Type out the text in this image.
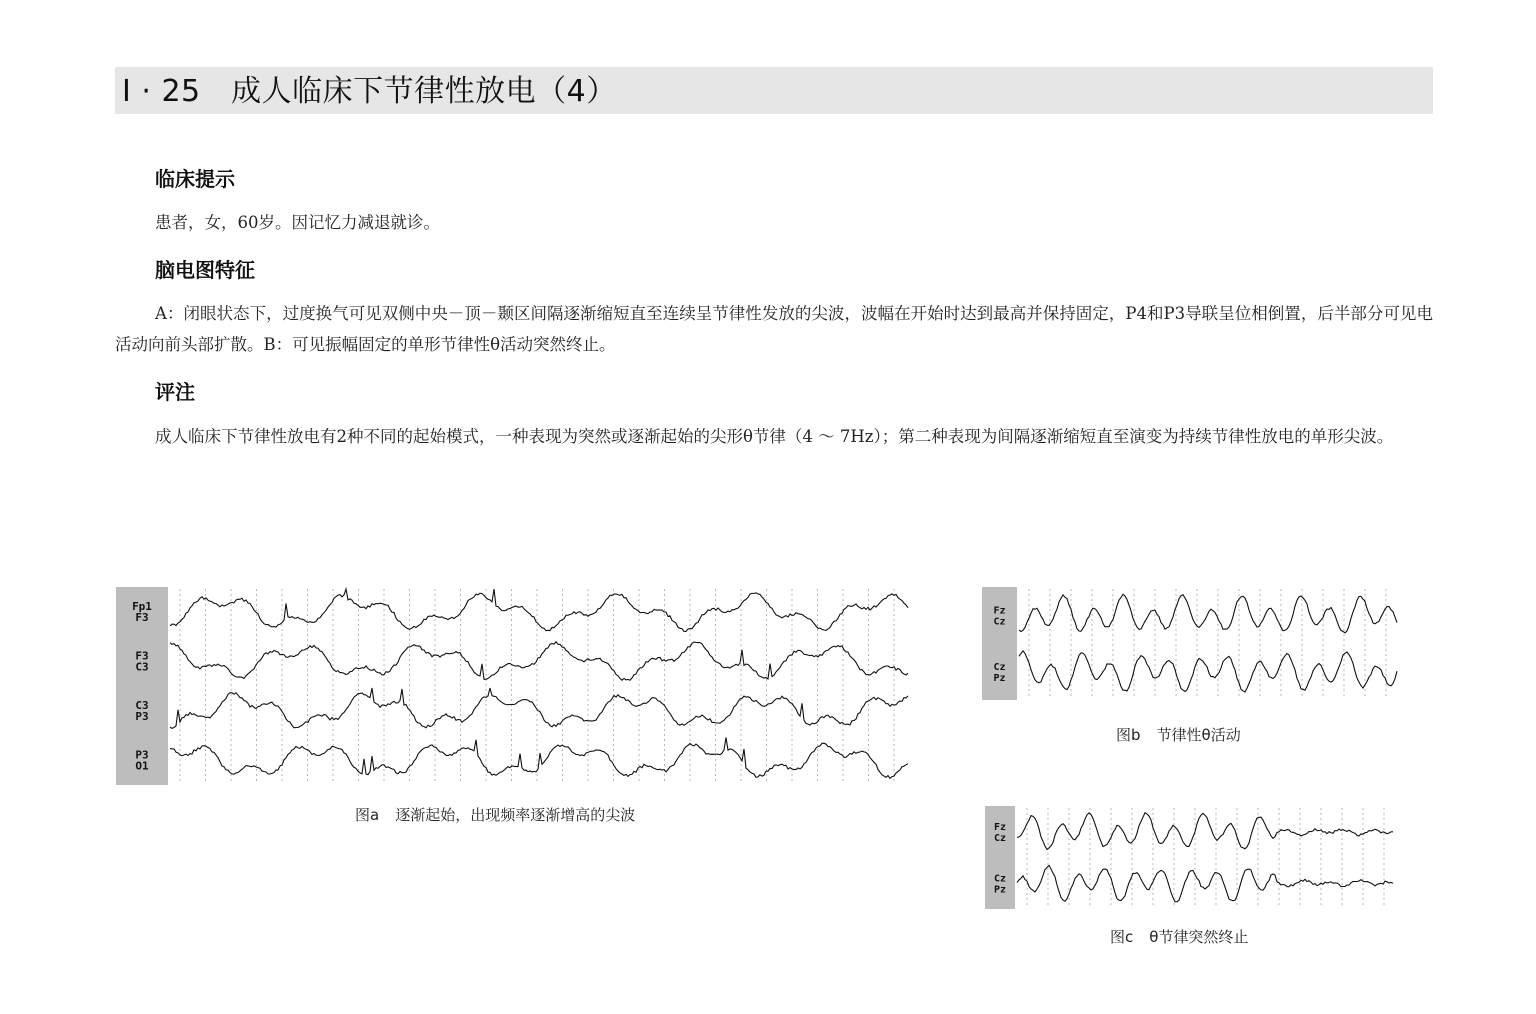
Ⅰ · 25　成人临床下节律性放电（4）
临床提示
患者，女，60岁。因记忆力减退就诊。
脑电图特征
A：闭眼状态下，过度换气可见双侧中央－顶－颞区间隔逐渐缩短直至连续呈节律性发放的尖波，波幅在开始时达到最高并保持固定，P4和P3导联呈位相倒置，后半部分可见电活动向前头部扩散。B：可见振幅固定的单形节律性θ活动突然终止。
评注
成人临床下节律性放电有2种不同的起始模式，一种表现为突然或逐渐起始的尖形θ节律（4 ～ 7Hz）；第二种表现为间隔逐渐缩短直至演变为持续节律性放电的单形尖波。
Fp1
F3
F3
C3
C3
P3
P3
O1
图a 逐渐起始，出现频率逐渐增高的尖波
Fz
Cz
Cz
Pz
图b 节律性θ活动
Fz
Cz
Cz
Pz
图c θ节律突然终止
